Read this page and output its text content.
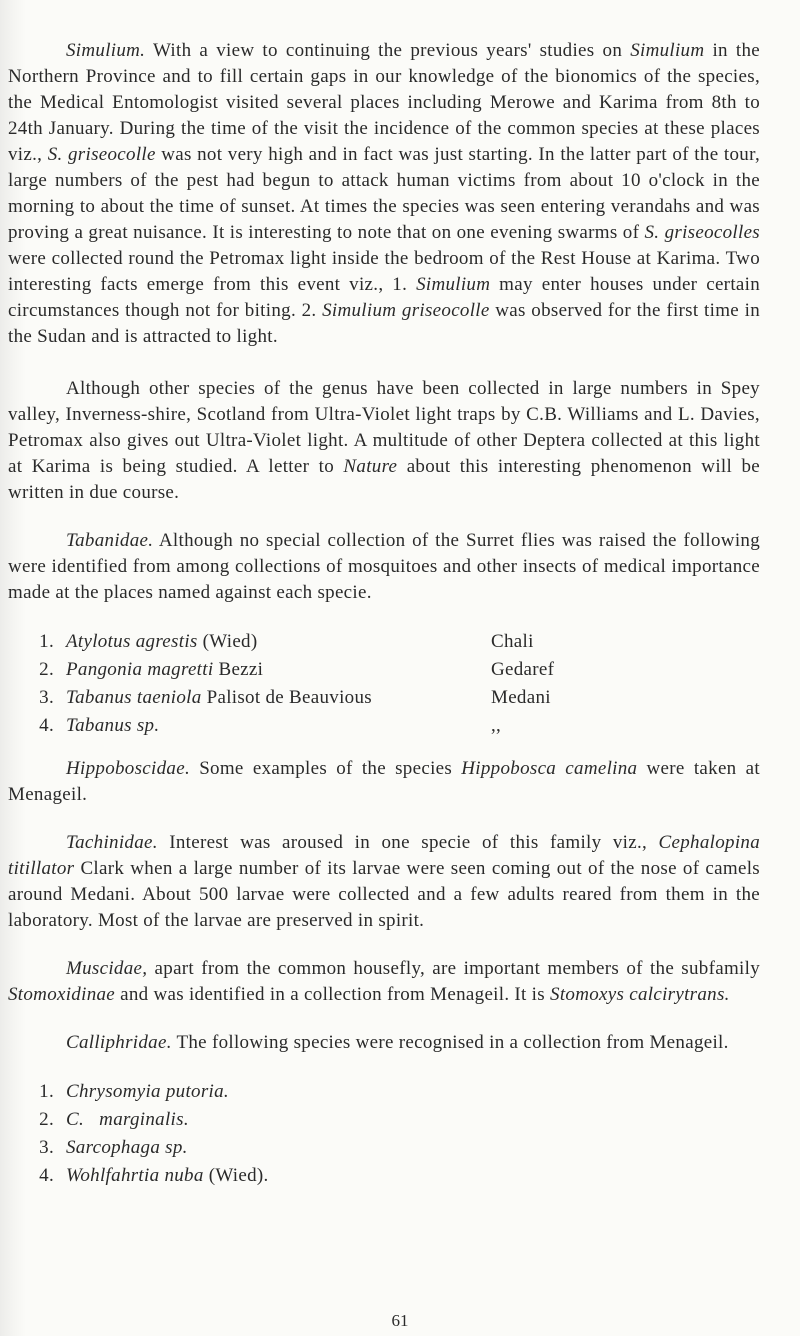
Simulium. With a view to continuing the previous years' studies on Simulium in the Northern Province and to fill certain gaps in our knowledge of the bionomics of the species, the Medical Entomologist visited several places including Merowe and Karima from 8th to 24th January. During the time of the visit the incidence of the common species at these places viz., S. griseocolle was not very high and in fact was just starting. In the latter part of the tour, large numbers of the pest had begun to attack human victims from about 10 o'clock in the morning to about the time of sunset. At times the species was seen entering verandahs and was proving a great nuisance. It is interesting to note that on one evening swarms of S. griseocolles were collected round the Petromax light inside the bedroom of the Rest House at Karima. Two interesting facts emerge from this event viz., 1. Simulium may enter houses under certain circumstances though not for biting. 2. Simulium griseocolle was observed for the first time in the Sudan and is attracted to light.

Although other species of the genus have been collected in large numbers in Spey valley, Inverness-shire, Scotland from Ultra-Violet light traps by C.B. Williams and L. Davies, Petromax also gives out Ultra-Violet light. A multitude of other Deptera collected at this light at Karima is being studied. A letter to Nature about this interesting phenomenon will be written in due course.

Tabanidae. Although no special collection of the Surret flies was raised the following were identified from among collections of mosquitoes and other insects of medical importance made at the places named against each specie.

1. Atylotus agrestis (Wied)	Chali
2. Pangonia magretti Bezzi	Gedaref
3. Tabanus taeniola Palisot de Beauvious	Medani
4. Tabanus sp.	,,

Hippoboscidae. Some examples of the species Hippobosca camelina were taken at Menageil.

Tachinidae. Interest was aroused in one specie of this family viz., Cephalopina titillator Clark when a large number of its larvae were seen coming out of the nose of camels around Medani. About 500 larvae were collected and a few adults reared from them in the laboratory. Most of the larvae are preserved in spirit.

Muscidae, apart from the common housefly, are important members of the subfamily Stomoxidinae and was identified in a collection from Menageil. It is Stomoxys calcirytrans.

Calliphridae. The following species were recognised in a collection from Menageil.

1. Chrysomyia putoria.
2. C.   marginalis.
3. Sarcophaga sp.
4. Wohlfahrtia nuba (Wied).
61
